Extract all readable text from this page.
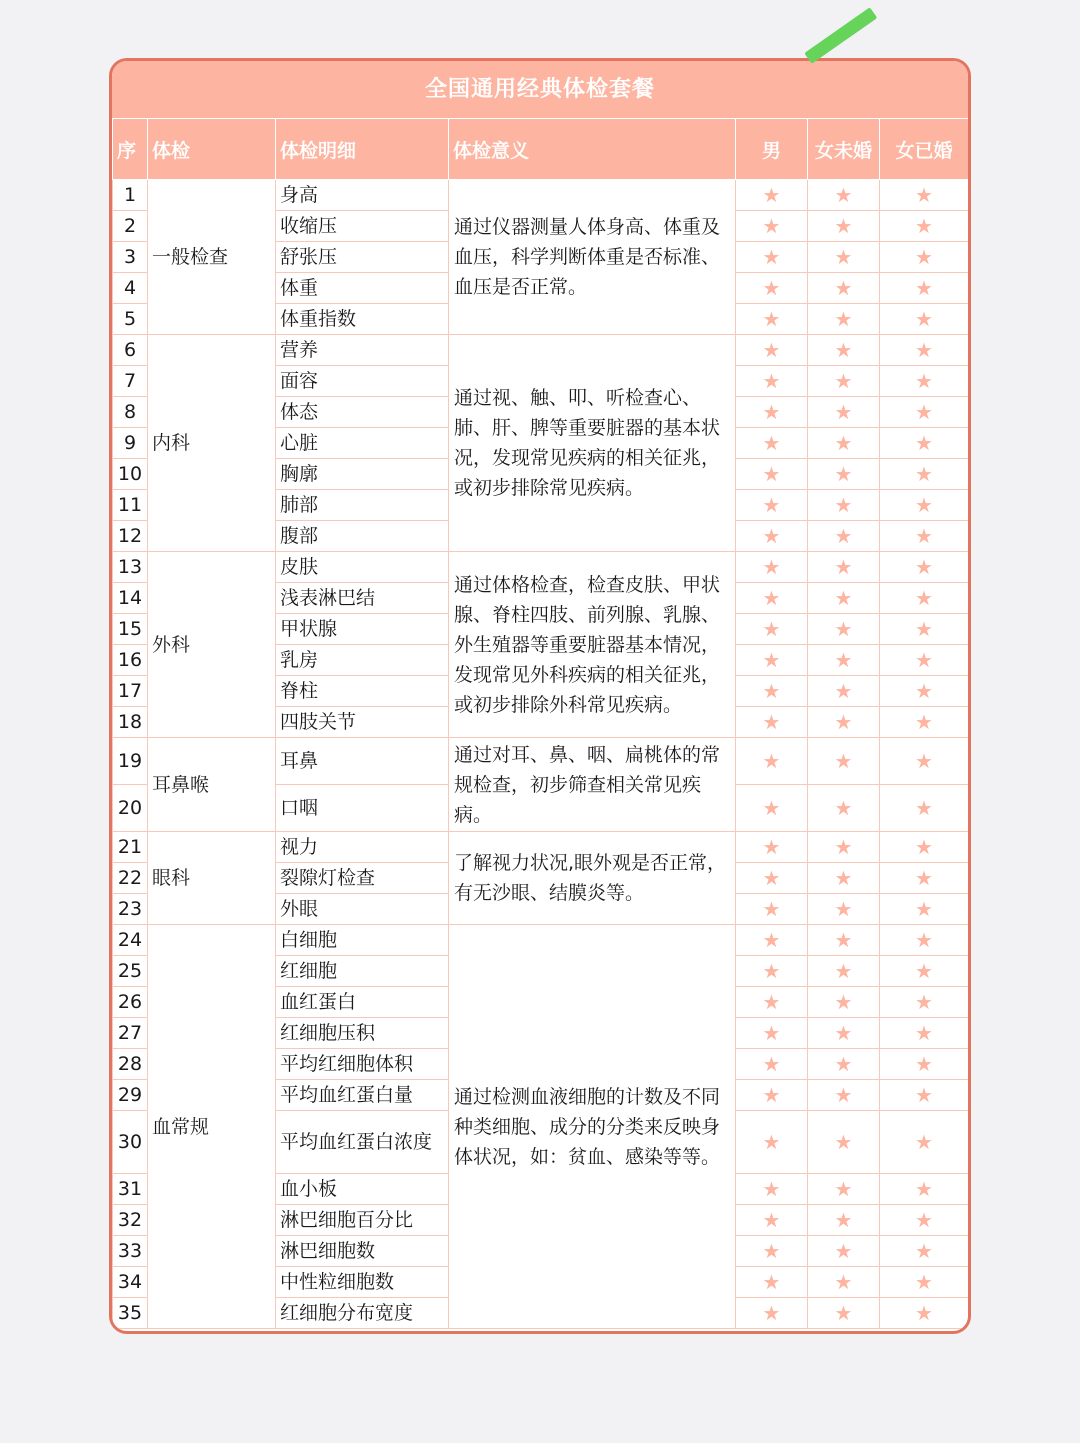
全国通用经典体检套餐
序	体检	体检明细	体检意义	男	女未婚	女已婚
1	一般检查	身高	通过仪器测量人体身高、体重及血压，科学判断体重是否标准、血压是否正常。	★	★	★
2		收缩压		★	★	★
3		舒张压		★	★	★
4		体重		★	★	★
5		体重指数		★	★	★
6	内科	营养	通过视、触、叩、听检查心、肺、肝、脾等重要脏器的基本状况，发现常见疾病的相关征兆，或初步排除常见疾病。	★	★	★
7		面容		★	★	★
8		体态		★	★	★
9		心脏		★	★	★
10		胸廓		★	★	★
11		肺部		★	★	★
12		腹部		★	★	★
13	外科	皮肤	通过体格检查，检查皮肤、甲状腺、脊柱四肢、前列腺、乳腺、外生殖器等重要脏器基本情况，发现常见外科疾病的相关征兆，或初步排除外科常见疾病。	★	★	★
14		浅表淋巴结		★	★	★
15		甲状腺		★	★	★
16		乳房		★	★	★
17		脊柱		★	★	★
18		四肢关节		★	★	★
19	耳鼻喉	耳鼻	通过对耳、鼻、咽、扁桃体的常规检查，初步筛查相关常见疾病。	★	★	★
20		口咽		★	★	★
21	眼科	视力	了解视力状况,眼外观是否正常，有无沙眼、结膜炎等。	★	★	★
22		裂隙灯检查		★	★	★
23		外眼		★	★	★
24	血常规	白细胞	通过检测血液细胞的计数及不同种类细胞、成分的分类来反映身体状况，如：贫血、感染等等。	★	★	★
25		红细胞		★	★	★
26		血红蛋白		★	★	★
27		红细胞压积		★	★	★
28		平均红细胞体积		★	★	★
29		平均血红蛋白量		★	★	★
30		平均血红蛋白浓度		★	★	★
31		血小板		★	★	★
32		淋巴细胞百分比		★	★	★
33		淋巴细胞数		★	★	★
34		中性粒细胞数		★	★	★
35		红细胞分布宽度		★	★	★
